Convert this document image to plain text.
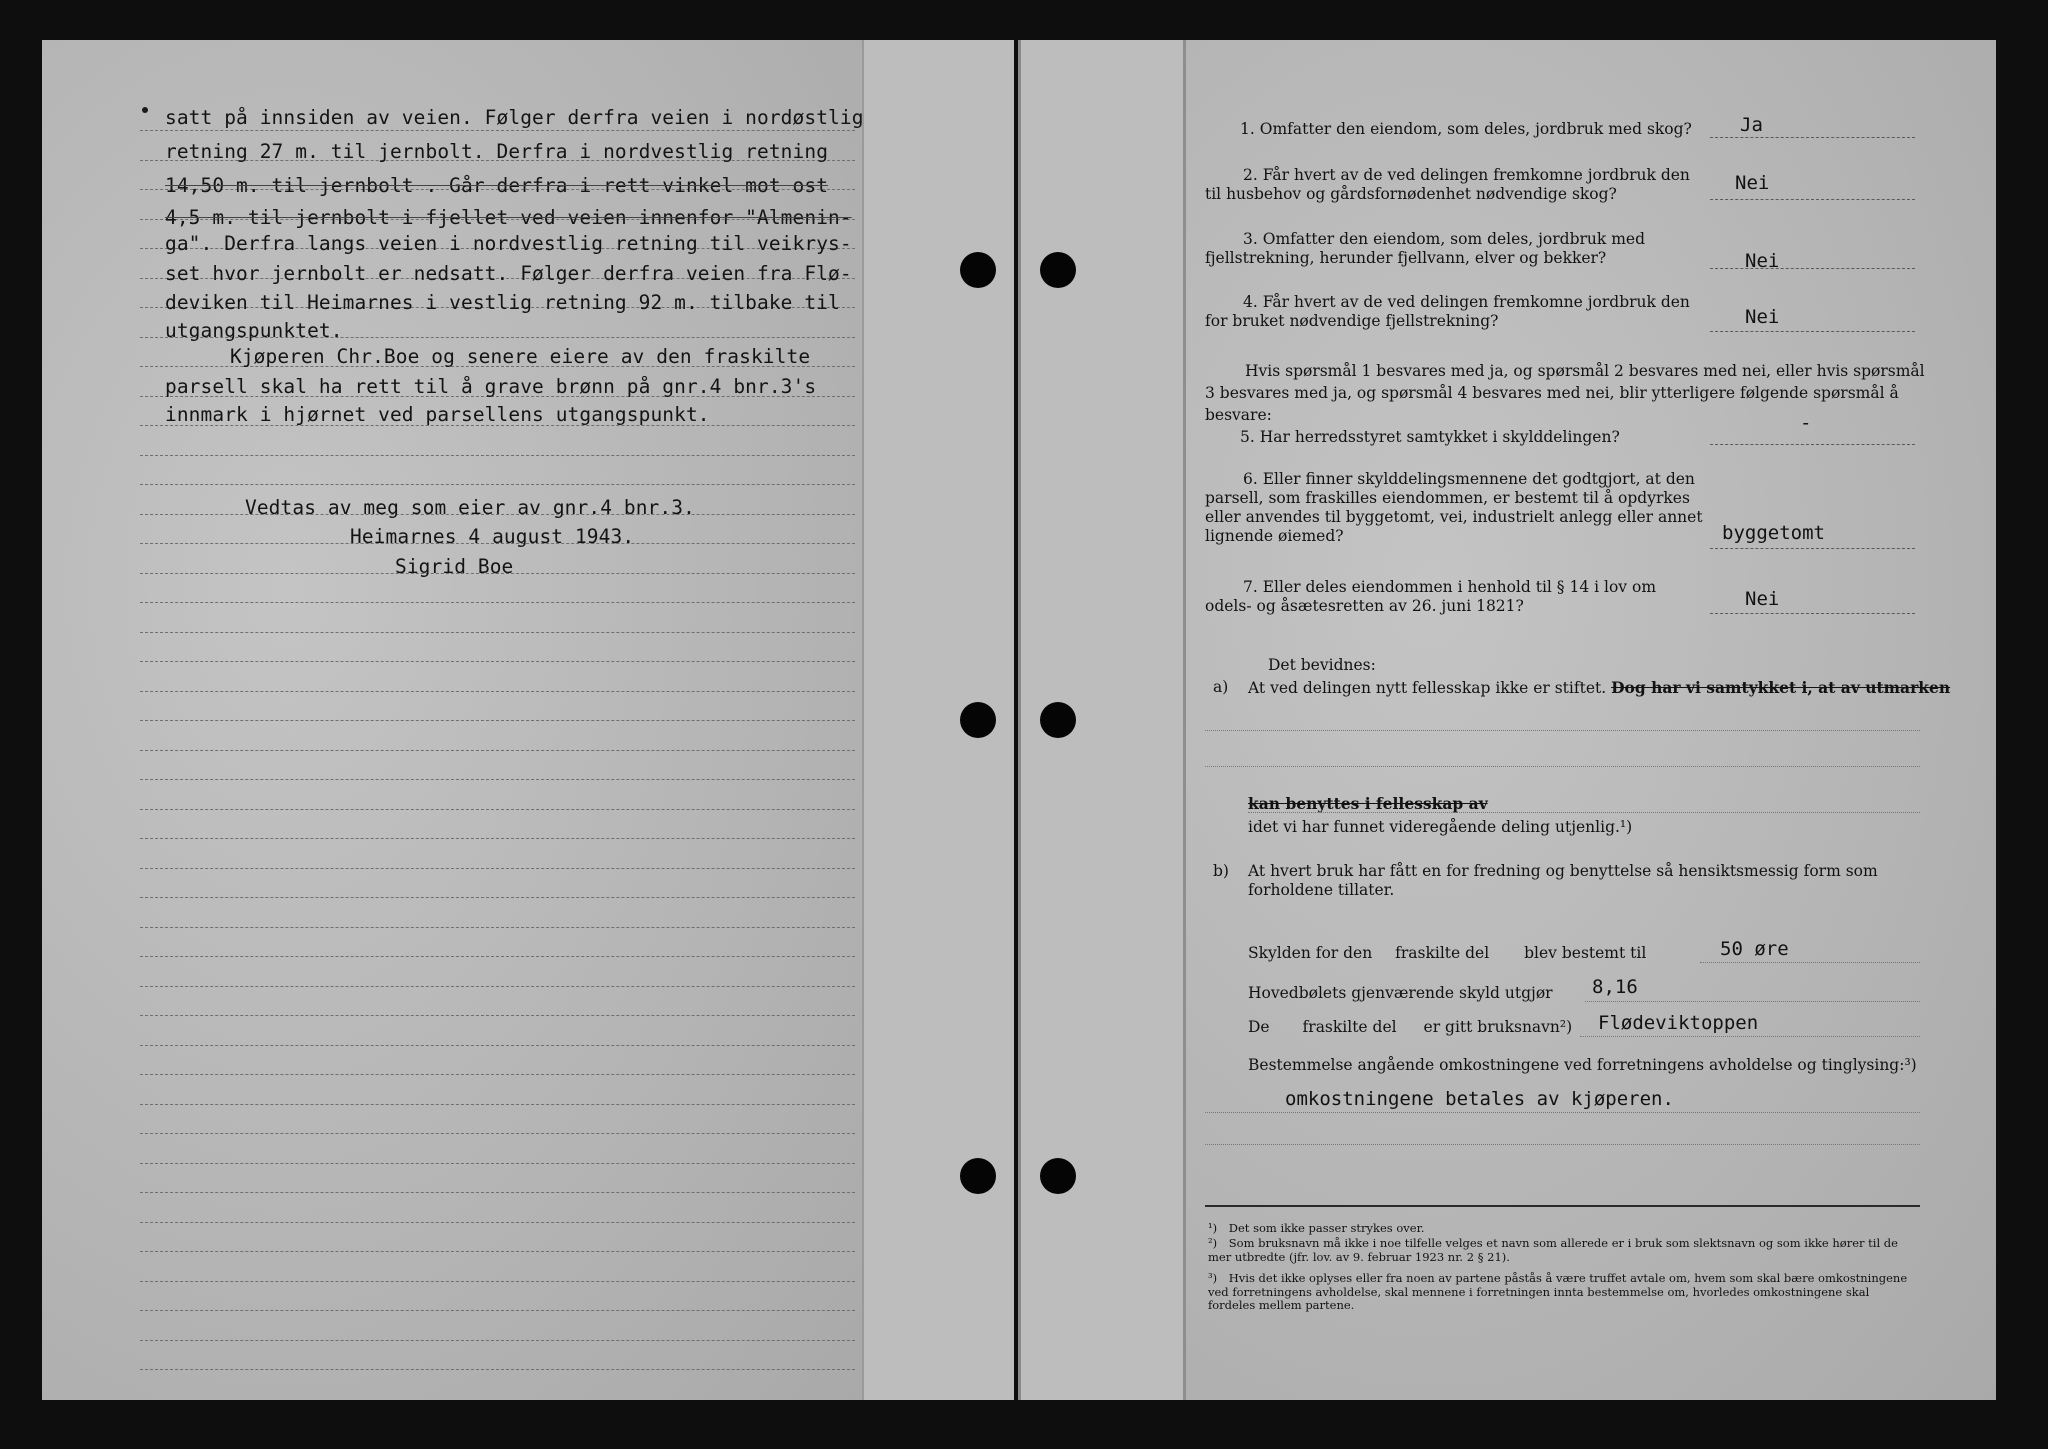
satt på innsiden av veien. Følger derfra veien i nordøstlig
retning 27 m. til jernbolt. Derfra i nordvestlig retning
14,50 m. til jernbolt . Går derfra i rett vinkel mot ost
4,5 m. til jernbolt i fjellet ved veien innenfor "Almenin-
ga". Derfra langs veien i nordvestlig retning til veikrys-
set hvor jernbolt er nedsatt. Følger derfra veien fra Flø-
deviken til Heimarnes i vestlig retning 92 m. tilbake til
utgangspunktet.
Kjøperen Chr.Boe og senere eiere av den fraskilte
parsell skal ha rett til å grave brønn på gnr.4 bnr.3's
innmark i hjørnet ved parsellens utgangspunkt.
Vedtas av meg som eier av gnr.4 bnr.3.
Heimarnes 4 august 1943.
Sigrid Boe
1. Omfatter den eiendom, som deles, jordbruk med skog?	Ja
2. Får hvert av de ved delingen fremkomne jordbruk den til husbehov og gårdsfornødenhet nødvendige skog?	Nei
3. Omfatter den eiendom, som deles, jordbruk med fjellstrekning, herunder fjellvann, elver og bekker?	Nei
4. Får hvert av de ved delingen fremkomne jordbruk den for bruket nødvendige fjellstrekning?	Nei
Hvis spørsmål 1 besvares med ja, og spørsmål 2 besvares med nei, eller hvis spørsmål 3 besvares med ja, og spørsmål 4 besvares med nei, blir ytterligere følgende spørsmål å besvare:
5. Har herredsstyret samtykket i skylddelingen?
-
6. Eller finner skylddelingsmennene det godtgjort, at den parsell, som fraskilles eiendommen, er bestemt til å opdyrkes eller anvendes til byggetomt, vei, industrielt anlegg eller annet lignende øiemed?	byggetomt
7. Eller deles eiendommen i henhold til § 14 i lov om odels- og åsætesretten av 26. juni 1821?	Nei
Det bevidnes:
a) At ved delingen nytt fellesskap ikke er stiftet. Dog har vi samtykket i, at av utmarken
kan benyttes i fellesskap av
idet vi har funnet videregående deling utjenlig.¹)
b) At hvert bruk har fått en for fredning og benyttelse så hensiktsmessig form som forholdene tillater.
Skylden for den fraskilte del blev bestemt til	50 øre
Hovedbølets gjenværende skyld utgjør 8,16
De fraskilte del er gitt bruksnavn²) Flødeviktoppen
Bestemmelse angående omkostningene ved forretningens avholdelse og tinglysing:³)
omkostningene betales av kjøperen.
¹) Det som ikke passer strykes over.
²) Som bruksnavn må ikke i noe tilfelle velges et navn som allerede er i bruk som slektsnavn og som ikke hører til de mer utbredte (jfr. lov. av 9. februar 1923 nr. 2 § 21).
³) Hvis det ikke oplyses eller fra noen av partene påstås å være truffet avtale om, hvem som skal bære omkostningene ved forretningens avholdelse, skal mennene i forretningen inntа bestemmelse om, hvorledes omkostningene skal fordeles mellem partene.
